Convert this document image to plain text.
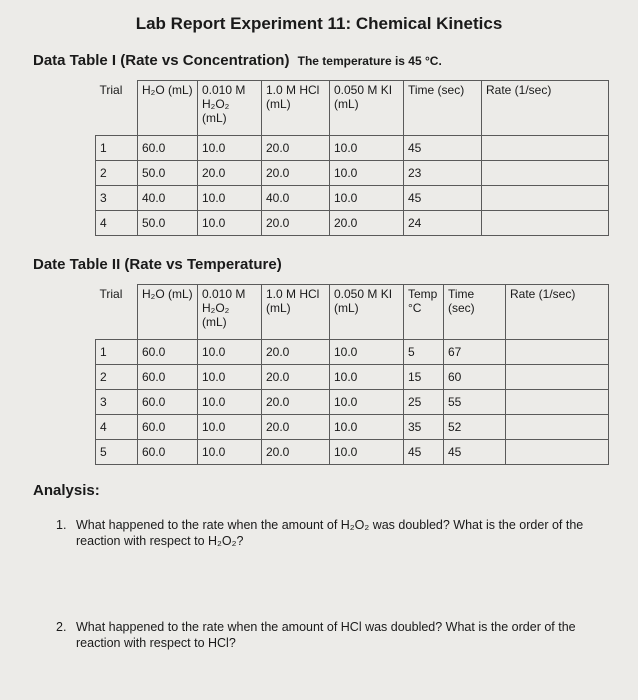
Lab Report Experiment 11: Chemical Kinetics
Data Table I (Rate vs Concentration) The temperature is 45 °C.
Trial	H₂O (mL)	0.010 M H₂O₂ (mL)	1.0 M HCl (mL)	0.050 M KI (mL)	Time (sec)	Rate (1/sec)
1	60.0	10.0	20.0	10.0	45	
2	50.0	20.0	20.0	10.0	23	
3	40.0	10.0	40.0	10.0	45	
4	50.0	10.0	20.0	20.0	24	
Date Table II (Rate vs Temperature)
Trial	H₂O (mL)	0.010 M H₂O₂ (mL)	1.0 M HCl (mL)	0.050 M KI (mL)	Temp °C	Time (sec)	Rate (1/sec)
1	60.0	10.0	20.0	10.0	5	67	
2	60.0	10.0	20.0	10.0	15	60	
3	60.0	10.0	20.0	10.0	25	55	
4	60.0	10.0	20.0	10.0	35	52	
5	60.0	10.0	20.0	10.0	45	45	
Analysis:
1. What happened to the rate when the amount of H₂O₂ was doubled? What is the order of the reaction with respect to H₂O₂?
2. What happened to the rate when the amount of HCl was doubled? What is the order of the reaction with respect to HCl?
